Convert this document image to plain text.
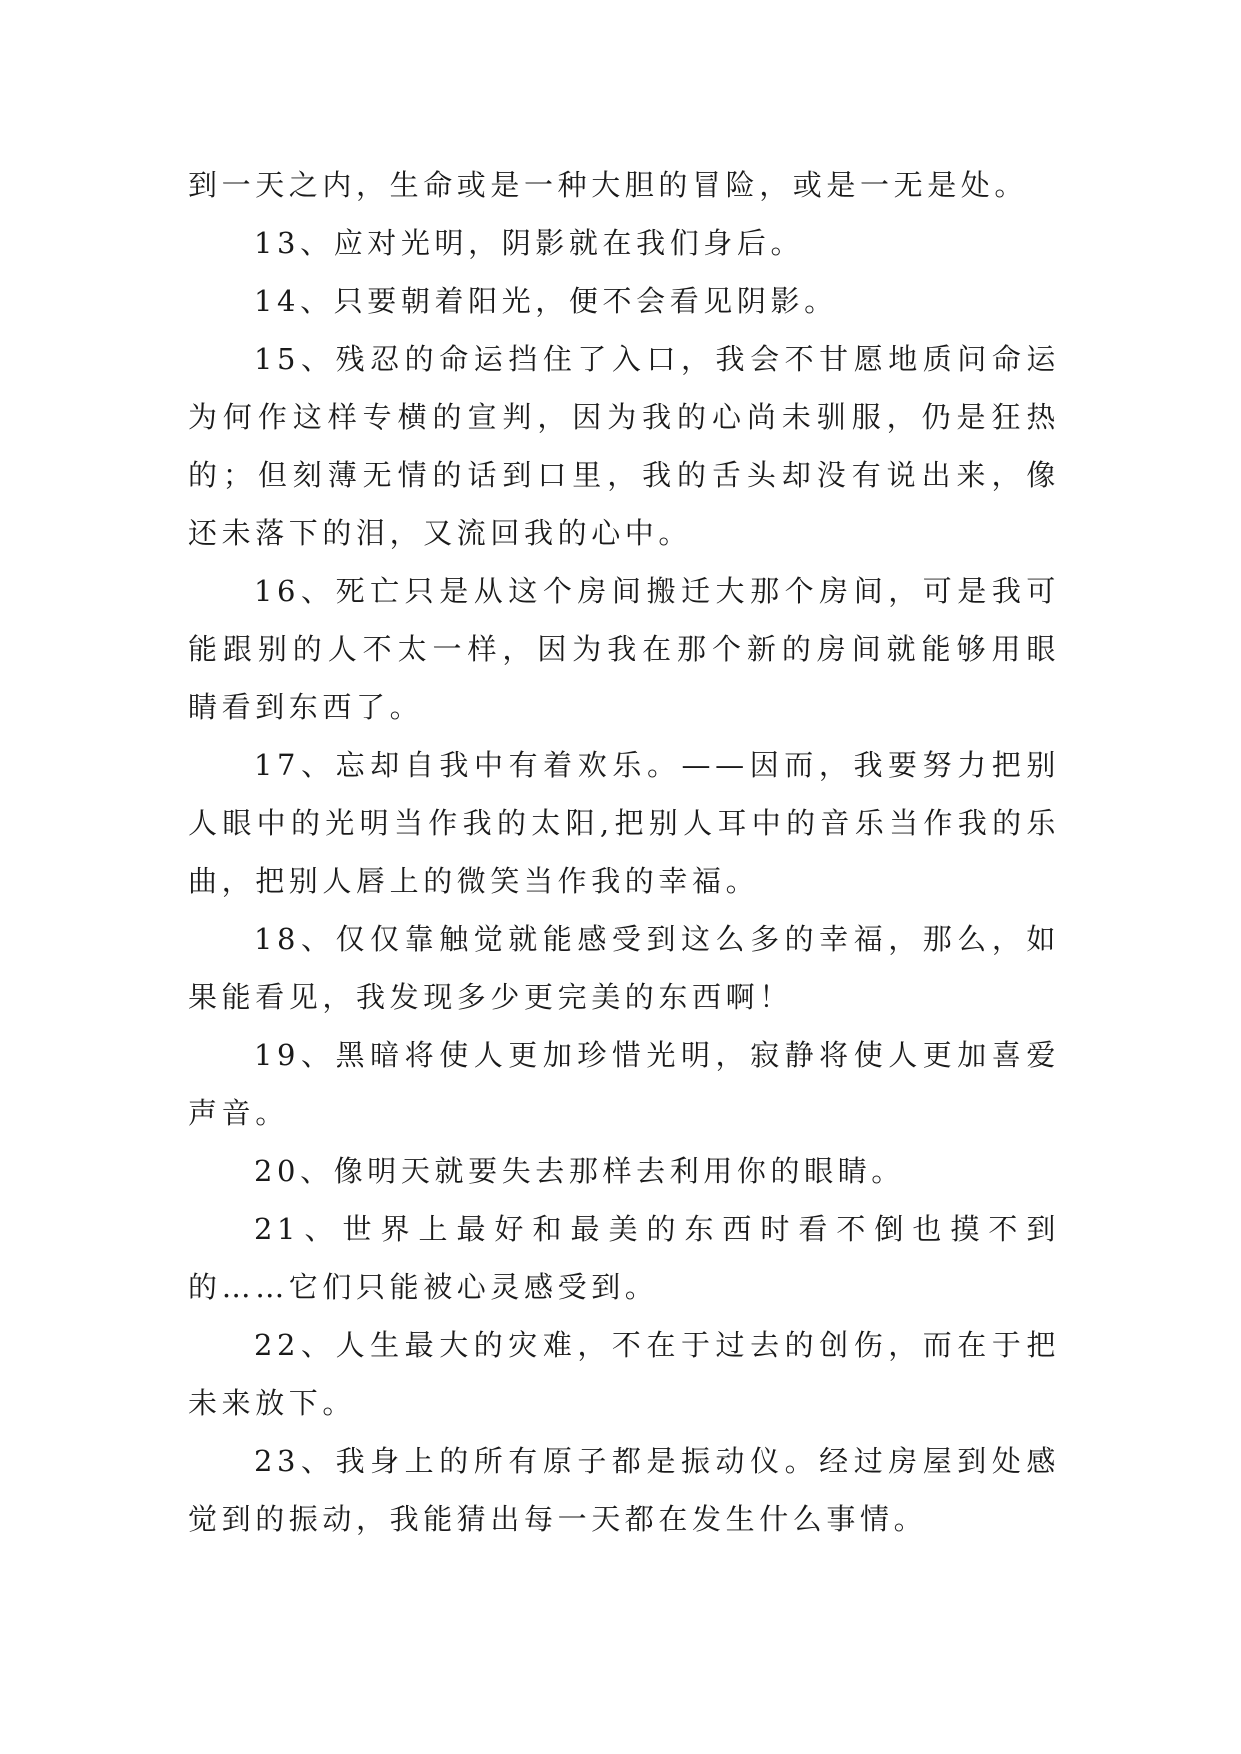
到一天之内，生命或是一种大胆的冒险，或是一无是处。

13、应对光明，阴影就在我们身后。

14、只要朝着阳光，便不会看见阴影。

15、残忍的命运挡住了入口，我会不甘愿地质问命运为何作这样专横的宣判，因为我的心尚未驯服，仍是狂热的；但刻薄无情的话到口里，我的舌头却没有说出来，像还未落下的泪，又流回我的心中。

16、死亡只是从这个房间搬迁大那个房间，可是我可能跟别的人不太一样，因为我在那个新的房间就能够用眼睛看到东西了。

17、忘却自我中有着欢乐。——因而，我要努力把别人眼中的光明当作我的太阳,把别人耳中的音乐当作我的乐曲，把别人唇上的微笑当作我的幸福。

18、仅仅靠触觉就能感受到这么多的幸福，那么，如果能看见，我发现多少更完美的东西啊！

19、黑暗将使人更加珍惜光明，寂静将使人更加喜爱声音。

20、像明天就要失去那样去利用你的眼睛。

21、世界上最好和最美的东西时看不倒也摸不到的……它们只能被心灵感受到。

22、人生最大的灾难，不在于过去的创伤，而在于把未来放下。

23、我身上的所有原子都是振动仪。经过房屋到处感觉到的振动，我能猜出每一天都在发生什么事情。
